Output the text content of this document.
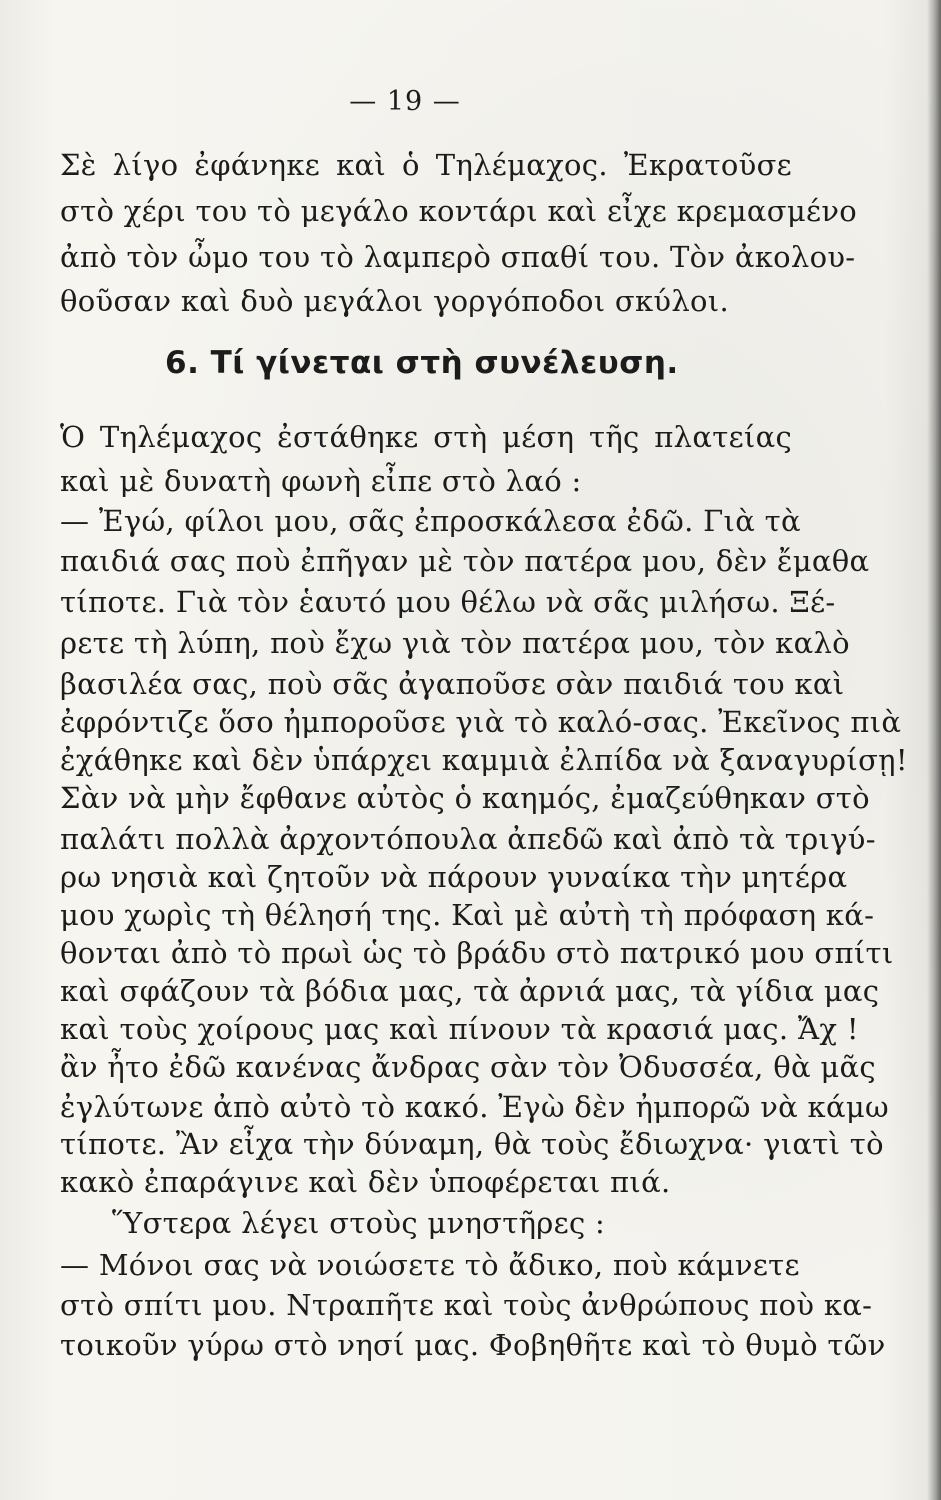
— 19 —
Σὲ λίγο ἐφάνηκε καὶ ὁ Τηλέμαχος. Ἐκρατοῦσε
στὸ χέρι του τὸ μεγάλο κοντάρι καὶ εἶχε κρεμασμένο
ἀπὸ τὸν ὦμο του τὸ λαμπερὸ σπαθί του. Τὸν ἀκολου-
θοῦσαν καὶ δυὸ μεγάλοι γοργόποδοι σκύλοι.
6. Τί γίνεται στὴ συνέλευση.
Ὁ Τηλέμαχος ἐστάθηκε στὴ μέση τῆς πλατείας
καὶ μὲ δυνατὴ φωνὴ εἶπε στὸ λαό :
— Ἐγώ, φίλοι μου, σᾶς ἐπροσκάλεσα ἐδῶ. Γιὰ τὰ
παιδιά σας ποὺ ἐπῆγαν μὲ τὸν πατέρα μου, δὲν ἔμαθα
τίποτε. Γιὰ τὸν ἑαυτό μου θέλω νὰ σᾶς μιλήσω. Ξέ-
ρετε τὴ λύπη, ποὺ ἔχω γιὰ τὸν πατέρα μου, τὸν καλὸ
βασιλέα σας, ποὺ σᾶς ἀγαποῦσε σὰν παιδιά του καὶ
ἐφρόντιζε ὅσο ἠμποροῦσε γιὰ τὸ καλό-σας. Ἐκεῖνος πιὰ
ἐχάθηκε καὶ δὲν ὑπάρχει καμμιὰ ἐλπίδα νὰ ξαναγυρίσῃ!
Σὰν νὰ μὴν ἔφθανε αὐτὸς ὁ καημός, ἐμαζεύθηκαν στὸ
παλάτι πολλὰ ἀρχοντόπουλα ἀπεδῶ καὶ ἀπὸ τὰ τριγύ-
ρω νησιὰ καὶ ζητοῦν νὰ πάρουν γυναίκα τὴν μητέρα
μου χωρὶς τὴ θέλησή της. Καὶ μὲ αὐτὴ τὴ πρόφαση κά-
θονται ἀπὸ τὸ πρωὶ ὡς τὸ βράδυ στὸ πατρικό μου σπίτι
καὶ σφάζουν τὰ βόδια μας, τὰ ἀρνιά μας, τὰ γίδια μας
καὶ τοὺς χοίρους μας καὶ πίνουν τὰ κρασιά μας. Ἄχ !
ἂν ἦτο ἐδῶ κανένας ἄνδρας σὰν τὸν Ὀδυσσέα, θὰ μᾶς
ἐγλύτωνε ἀπὸ αὐτὸ τὸ κακό. Ἐγὼ δὲν ἠμπορῶ νὰ κάμω
τίποτε. Ἂν εἶχα τὴν δύναμη, θὰ τοὺς ἔδιωχνα· γιατὶ τὸ
κακὸ ἐπαράγινε καὶ δὲν ὑποφέρεται πιά.
Ὕστερα λέγει στοὺς μνηστῆρες :
— Μόνοι σας νὰ νοιώσετε τὸ ἄδικο, ποὺ κάμνετε
στὸ σπίτι μου. Ντραπῆτε καὶ τοὺς ἀνθρώπους ποὺ κα-
τοικοῦν γύρω στὸ νησί μας. Φοβηθῆτε καὶ τὸ θυμὸ τῶν
